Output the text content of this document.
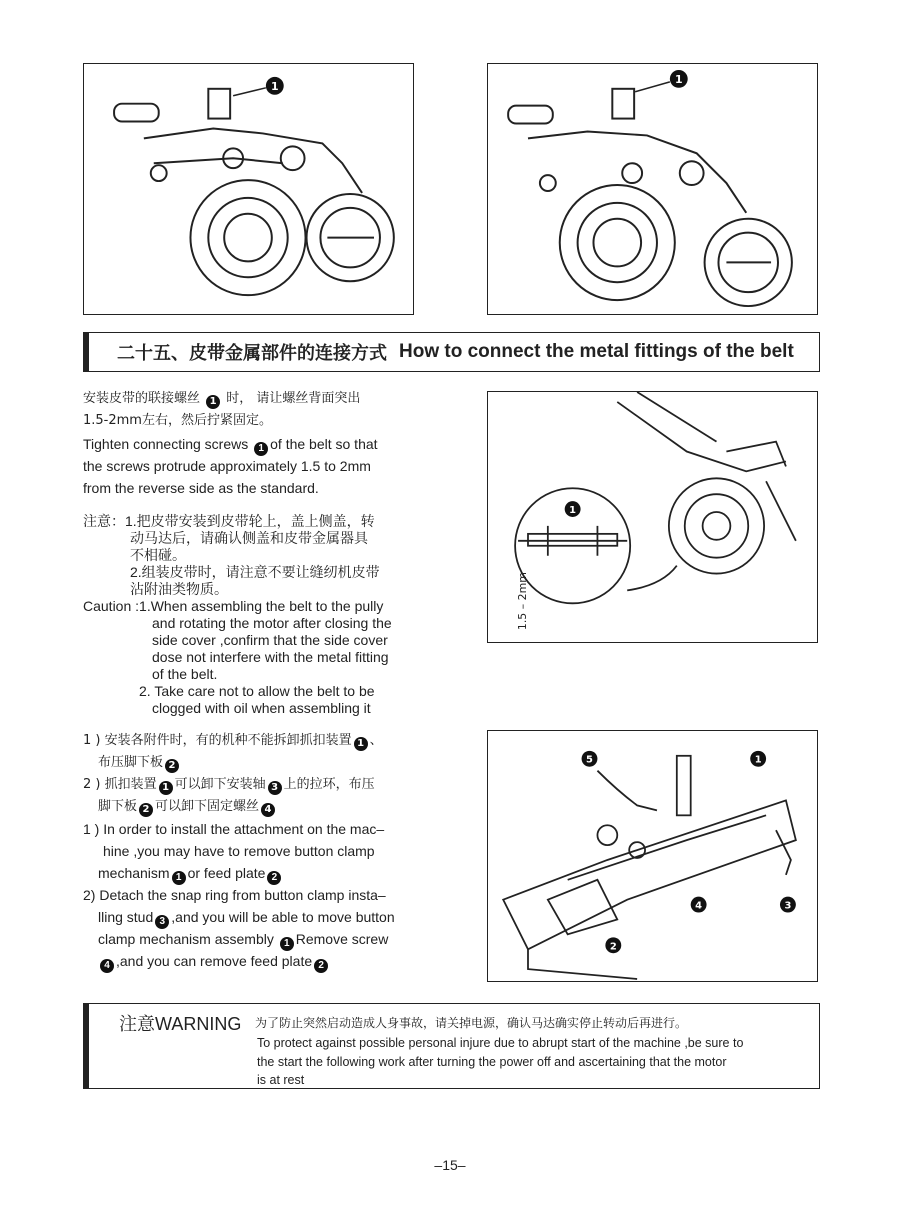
1
1
二十五、皮带金属部件的连接方式 How to connect the metal fittings of the belt
安装皮带的联接螺丝 1 时， 请让螺丝背面突出
1.5-2mm左右，然后拧紧固定。
Tighten connecting screws 1 of the belt so that
the screws protrude approximately 1.5 to 2mm
from the reverse side as the standard.
注意：1.把皮带安装到皮带轮上，盖上侧盖，转
动马达后，请确认侧盖和皮带金属器具
不相碰。
2.组装皮带时，请注意不要让缝纫机皮带
沾附油类物质。
Caution :1.When assembling the belt to the pully
and rotating the motor after closing the
side cover ,confirm that the side cover
dose not interfere with the metal fitting
of the belt.
2. Take care not to allow the belt to be
clogged with oil when assembling it
1
1.5 – 2mm
1 ) 安装各附件时，有的机种不能拆卸抓扣装置 1 、
布压脚下板 2
2 ) 抓扣装置 1 可以卸下安装轴 3 上的拉环，布压
脚下板 2 可以卸下固定螺丝 4
1 ) In order to install the attachment on the mac–
hine ,you may have to remove button clamp
mechanism 1 or feed plate 2
2) Detach the snap ring from button clamp insta–
lling stud 3 ,and you will be able to move button
clamp mechanism assembly 1 Remove screw
4 ,and you can remove feed plate 2
1
2
3
4
5
注意WARNING 为了防止突然启动造成人身事故，请关掉电源，确认马达确实停止转动后再进行。
To protect against possible personal injure due to abrupt start of the machine ,be sure to
the start the following work after turning the power off and ascertaining that the motor
is at rest
–15–
